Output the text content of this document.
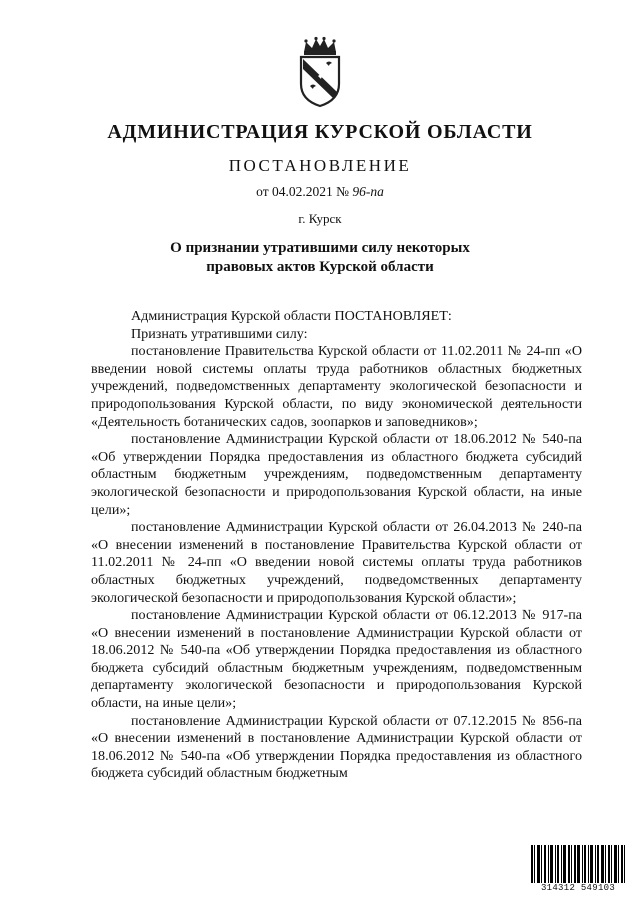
АДМИНИСТРАЦИЯ КУРСКОЙ ОБЛАСТИ
ПОСТАНОВЛЕНИЕ
от 04.02.2021 № 96-па
г. Курск
О признании утратившими силу некоторых
правовых актов Курской области

Администрация Курской области ПОСТАНОВЛЯЕТ:

Признать утратившими силу:

постановление Правительства Курской области от 11.02.2011 № 24-пп «О введении новой системы оплаты труда работников областных бюджетных учреждений, подведомственных департаменту экологической безопасности и природопользования Курской области, по виду экономической деятельности «Деятельность ботанических садов, зоопарков и заповедников»;

постановление Администрации Курской области от 18.06.2012 № 540-па «Об утверждении Порядка предоставления из областного бюджета субсидий областным бюджетным учреждениям, подведомственным департаменту экологической безопасности и природопользования Курской области, на иные цели»;

постановление Администрации Курской области от 26.04.2013 № 240-па «О внесении изменений в постановление Правительства Курской области от 11.02.2011 № 24-пп «О введении новой системы оплаты труда работников областных бюджетных учреждений, подведомственных департаменту экологической безопасности и природопользования Курской области»;

постановление Администрации Курской области от 06.12.2013 № 917-па «О внесении изменений в постановление Администрации Курской области от 18.06.2012 № 540-па «Об утверждении Порядка предоставления из областного бюджета субсидий областным бюджетным учреждениям, подведомственным департаменту экологической безопасности и природопользования Курской области, на иные цели»;

постановление Администрации Курской области от 07.12.2015 № 856-па «О внесении изменений в постановление Администрации Курской области от 18.06.2012 № 540-па «Об утверждении Порядка предоставления из областного бюджета субсидий областным бюджетным

314312 549103
